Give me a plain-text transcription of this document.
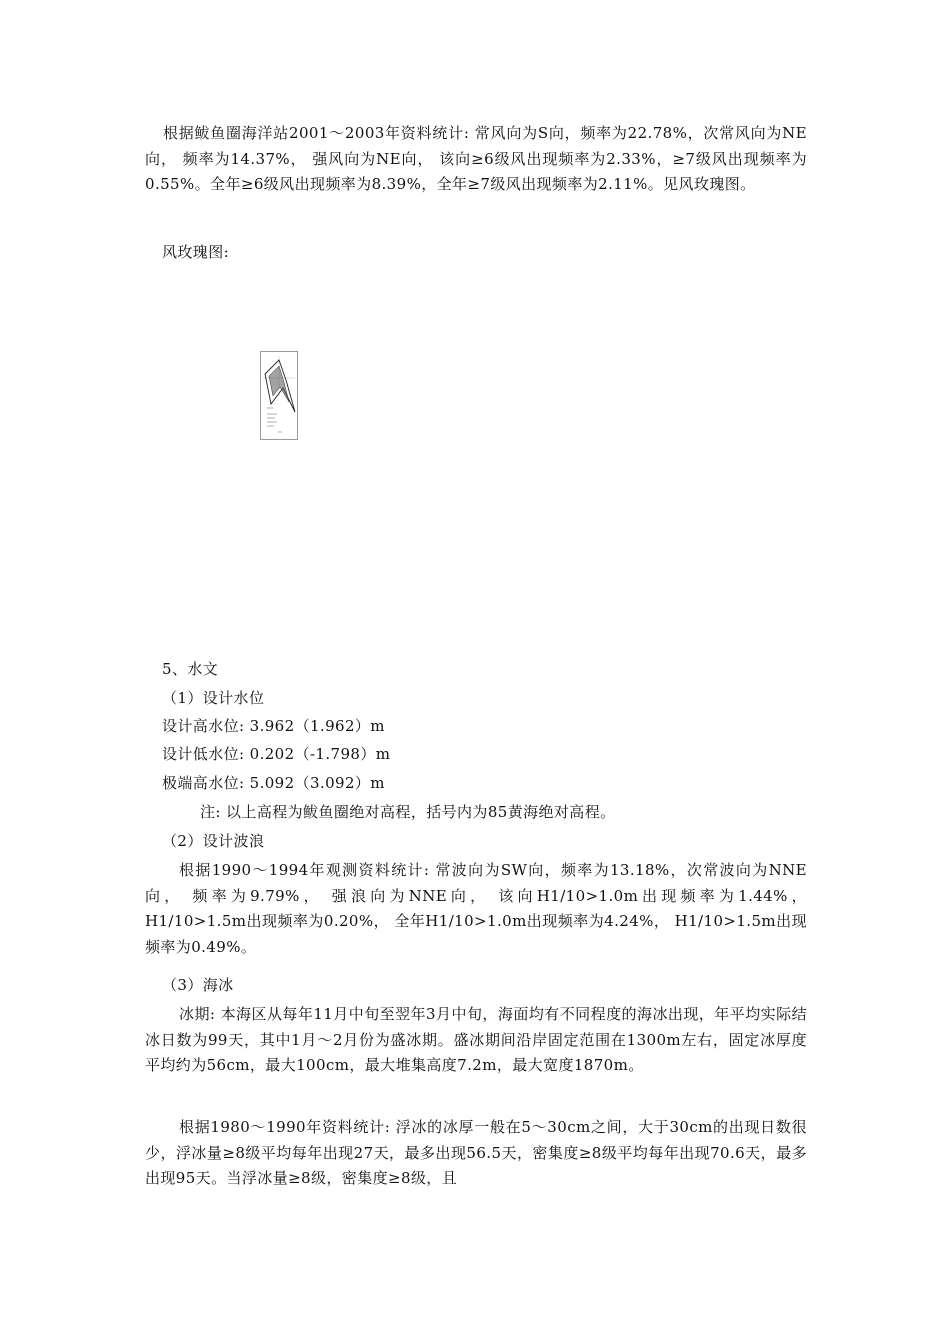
根据鲅鱼圈海洋站2001～2003年资料统计: 常风向为S向，频率为22.78%，次常风向为NE向， 频率为14.37%， 强风向为NE向， 该向≥6级风出现频率为2.33%，≥7级风出现频率为0.55%。全年≥6级风出现频率为8.39%，全年≥7级风出现频率为2.11%。见风玫瑰图。

风玫瑰图:

5、水文

（1）设计水位

设计高水位: 3.962（1.962）m

设计低水位: 0.202（-1.798）m

极端高水位: 5.092（3.092）m

注: 以上高程为鲅鱼圈绝对高程，括号内为85黄海绝对高程。

（2）设计波浪

根据1990～1994年观测资料统计: 常波向为SW向，频率为13.18%，次常波向为NNE向， 频率为9.79%， 强浪向为NNE向， 该向H1/10>1.0m出现频率为1.44%， H1/10>1.5m出现频率为0.20%， 全年H1/10>1.0m出现频率为4.24%， H1/10>1.5m出现频率为0.49%。

（3）海冰

冰期: 本海区从每年11月中旬至翌年3月中旬，海面均有不同程度的海冰出现，年平均实际结冰日数为99天，其中1月～2月份为盛冰期。盛冰期间沿岸固定范围在1300m左右，固定冰厚度平均约为56cm，最大100cm，最大堆集高度7.2m，最大宽度1870m。

根据1980～1990年资料统计: 浮冰的冰厚一般在5～30cm之间，大于30cm的出现日数很少，浮冰量≥8级平均每年出现27天，最多出现56.5天，密集度≥8级平均每年出现70.6天，最多出现95天。当浮冰量≥8级，密集度≥8级，且
